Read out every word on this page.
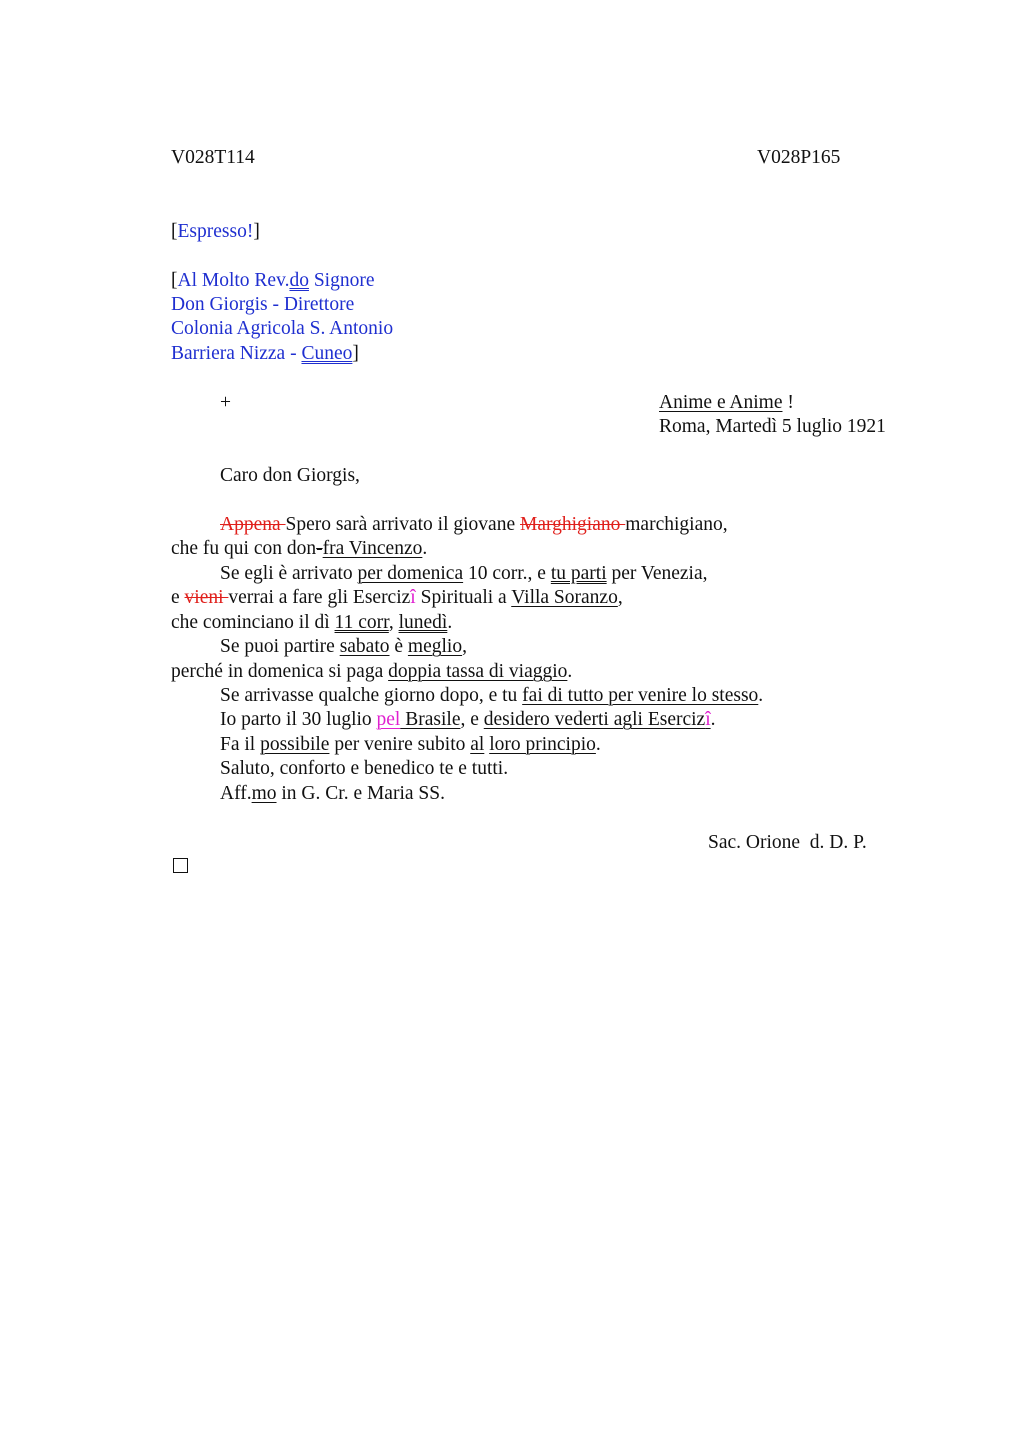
V028T114	V028P165
[Espresso!]
[Al Molto Rev.do Signore
Don Giorgis - Direttore
Colonia Agricola S. Antonio
Barriera Nizza - Cuneo]
+	Anime e Anime !
Roma, Martedì 5 luglio 1921
Caro don Giorgis,
Appena Spero sarà arrivato il giovane Marghigiano marchigiano,
che fu qui con don-fra Vincenzo.
Se egli è arrivato per domenica 10 corr., e tu parti per Venezia,
e vieni verrai a fare gli Esercizî Spirituali a Villa Soranzo,
che cominciano il dì 11 corr, lunedì.
Se puoi partire sabato è meglio,
perché in domenica si paga doppia tassa di viaggio.
Se arrivasse qualche giorno dopo, e tu fai di tutto per venire lo stesso.
Io parto il 30 luglio pel Brasile, e desidero vederti agli Esercizî.
Fa il possibile per venire subito al loro principio.
Saluto, conforto e benedico te e tutti.
Aff.mo in G. Cr. e Maria SS.
Sac. Orione  d. D. P.
